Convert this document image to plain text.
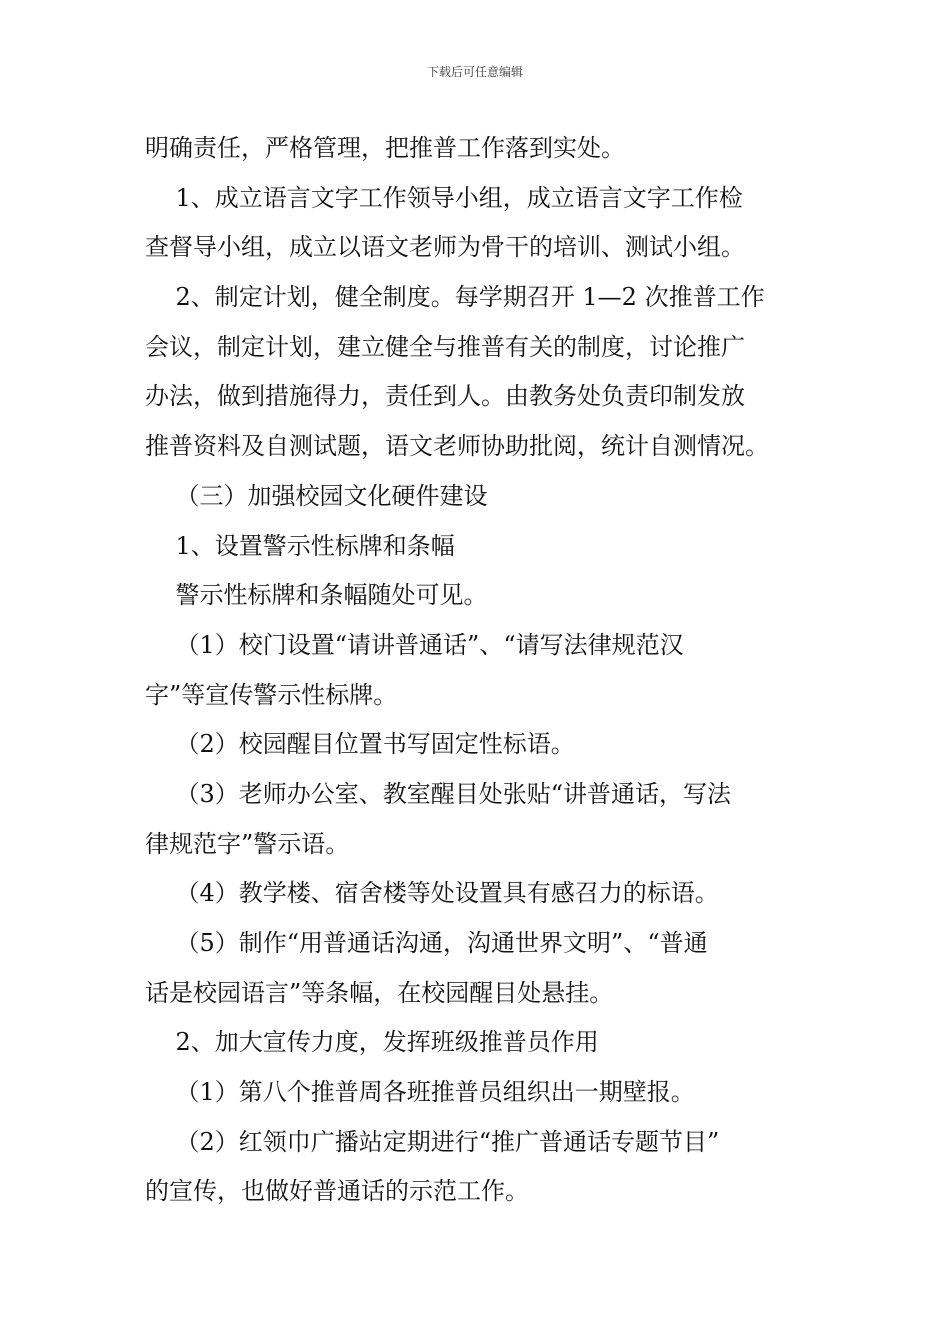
下载后可任意编辑
明确责任，严格管理，把推普工作落到实处。
1、成立语言文字工作领导小组，成立语言文字工作检
查督导小组，成立以语文老师为骨干的培训、测试小组。
2、制定计划，健全制度。每学期召开 1—2 次推普工作
会议，制定计划，建立健全与推普有关的制度，讨论推广
办法，做到措施得力，责任到人。由教务处负责印制发放
推普资料及自测试题，语文老师协助批阅，统计自测情况。
（三）加强校园文化硬件建设
1、设置警示性标牌和条幅
警示性标牌和条幅随处可见。
（1）校门设置“请讲普通话”、“请写法律规范汉
字”等宣传警示性标牌。
（2）校园醒目位置书写固定性标语。
（3）老师办公室、教室醒目处张贴“讲普通话，写法
律规范字”警示语。
（4）教学楼、宿舍楼等处设置具有感召力的标语。
（5）制作“用普通话沟通，沟通世界文明”、“普通
话是校园语言”等条幅，在校园醒目处悬挂。
2、加大宣传力度，发挥班级推普员作用
（1）第八个推普周各班推普员组织出一期壁报。
（2）红领巾广播站定期进行“推广普通话专题节目”
的宣传，也做好普通话的示范工作。
